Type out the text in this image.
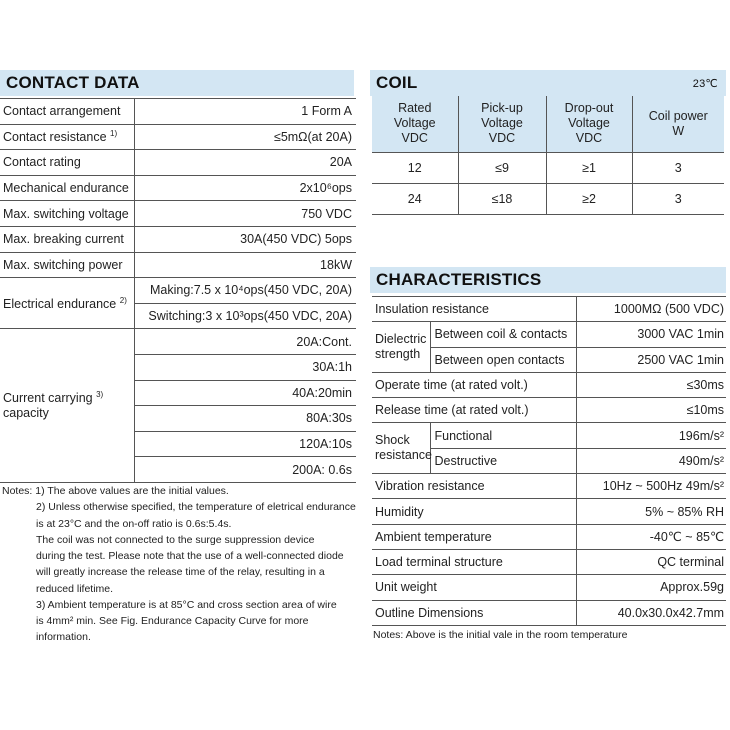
CONTACT DATA
Contact arrangement	1 Form A
Contact resistance $^{1)}$	≤5mΩ(at 20A)
Contact rating	20A
Mechanical endurance	2x10⁶ops
Max. switching voltage	750 VDC
Max. breaking current	30A(450 VDC) 5ops
Max. switching power	18kW
Electrical endurance $^{2)}$	Making:7.5 x 10⁴ops(450 VDC, 20A)
	Switching:3 x 10³ops(450 VDC, 20A)
Current carrying $^{3)}$
capacity	20A:Cont.
	30A:1h
	40A:20min
	80A:30s
	120A:10s
	200A: 0.6s
Notes: 1) The above values are the initial values.
2) Unless otherwise specified, the temperature of eletrical endurance
is at 23°C and the on-off ratio is 0.6s:5.4s.
The coil was not connected to the surge suppression device
during the test. Please note that the use of a well-connected diode
will greatly increase the release time of the relay, resulting in a
reduced lifetime.
3) Ambient temperature is at 85°C and cross section area of wire
is 4mm² min. See Fig. Endurance Capacity Curve for more
information.
COIL	23℃
Rated
Voltage
VDC	Pick-up
Voltage
VDC	Drop-out
Voltage
VDC	Coil power
W
12	≤9	≥1	3
24	≤18	≥2	3
CHARACTERISTICS
Insulation resistance		1000MΩ (500 VDC)
Dielectric
strength	Between coil & contacts	3000 VAC 1min
	Between open contacts	2500 VAC 1min
Operate time (at rated volt.)		≤30ms
Release time (at rated volt.)		≤10ms
Shock
resistance	Functional	196m/s²
	Destructive	490m/s²
Vibration resistance		10Hz ~ 500Hz 49m/s²
Humidity		5% ~ 85% RH
Ambient temperature		-40℃ ~ 85℃
Load terminal structure		QC terminal
Unit weight		Approx.59g
Outline Dimensions		40.0x30.0x42.7mm
Notes: Above is the initial vale in the room temperature
